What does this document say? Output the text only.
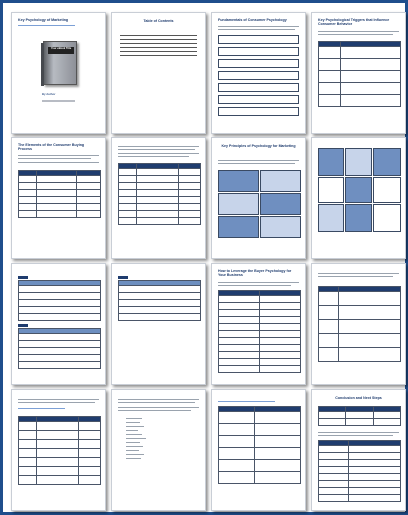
Key Psychology of Marketing
Your eBook Title
By Author
Table of Contents	Fundamentals of Consumer Psychology	Key Psychological Triggers that Influence Consumer Behavior

The Elements of the Consumer Buying Process

Key Principles of Psychology for Marketing

How to Leverage the Buyer Psychology for Your Business

Conclusion and Next Steps
